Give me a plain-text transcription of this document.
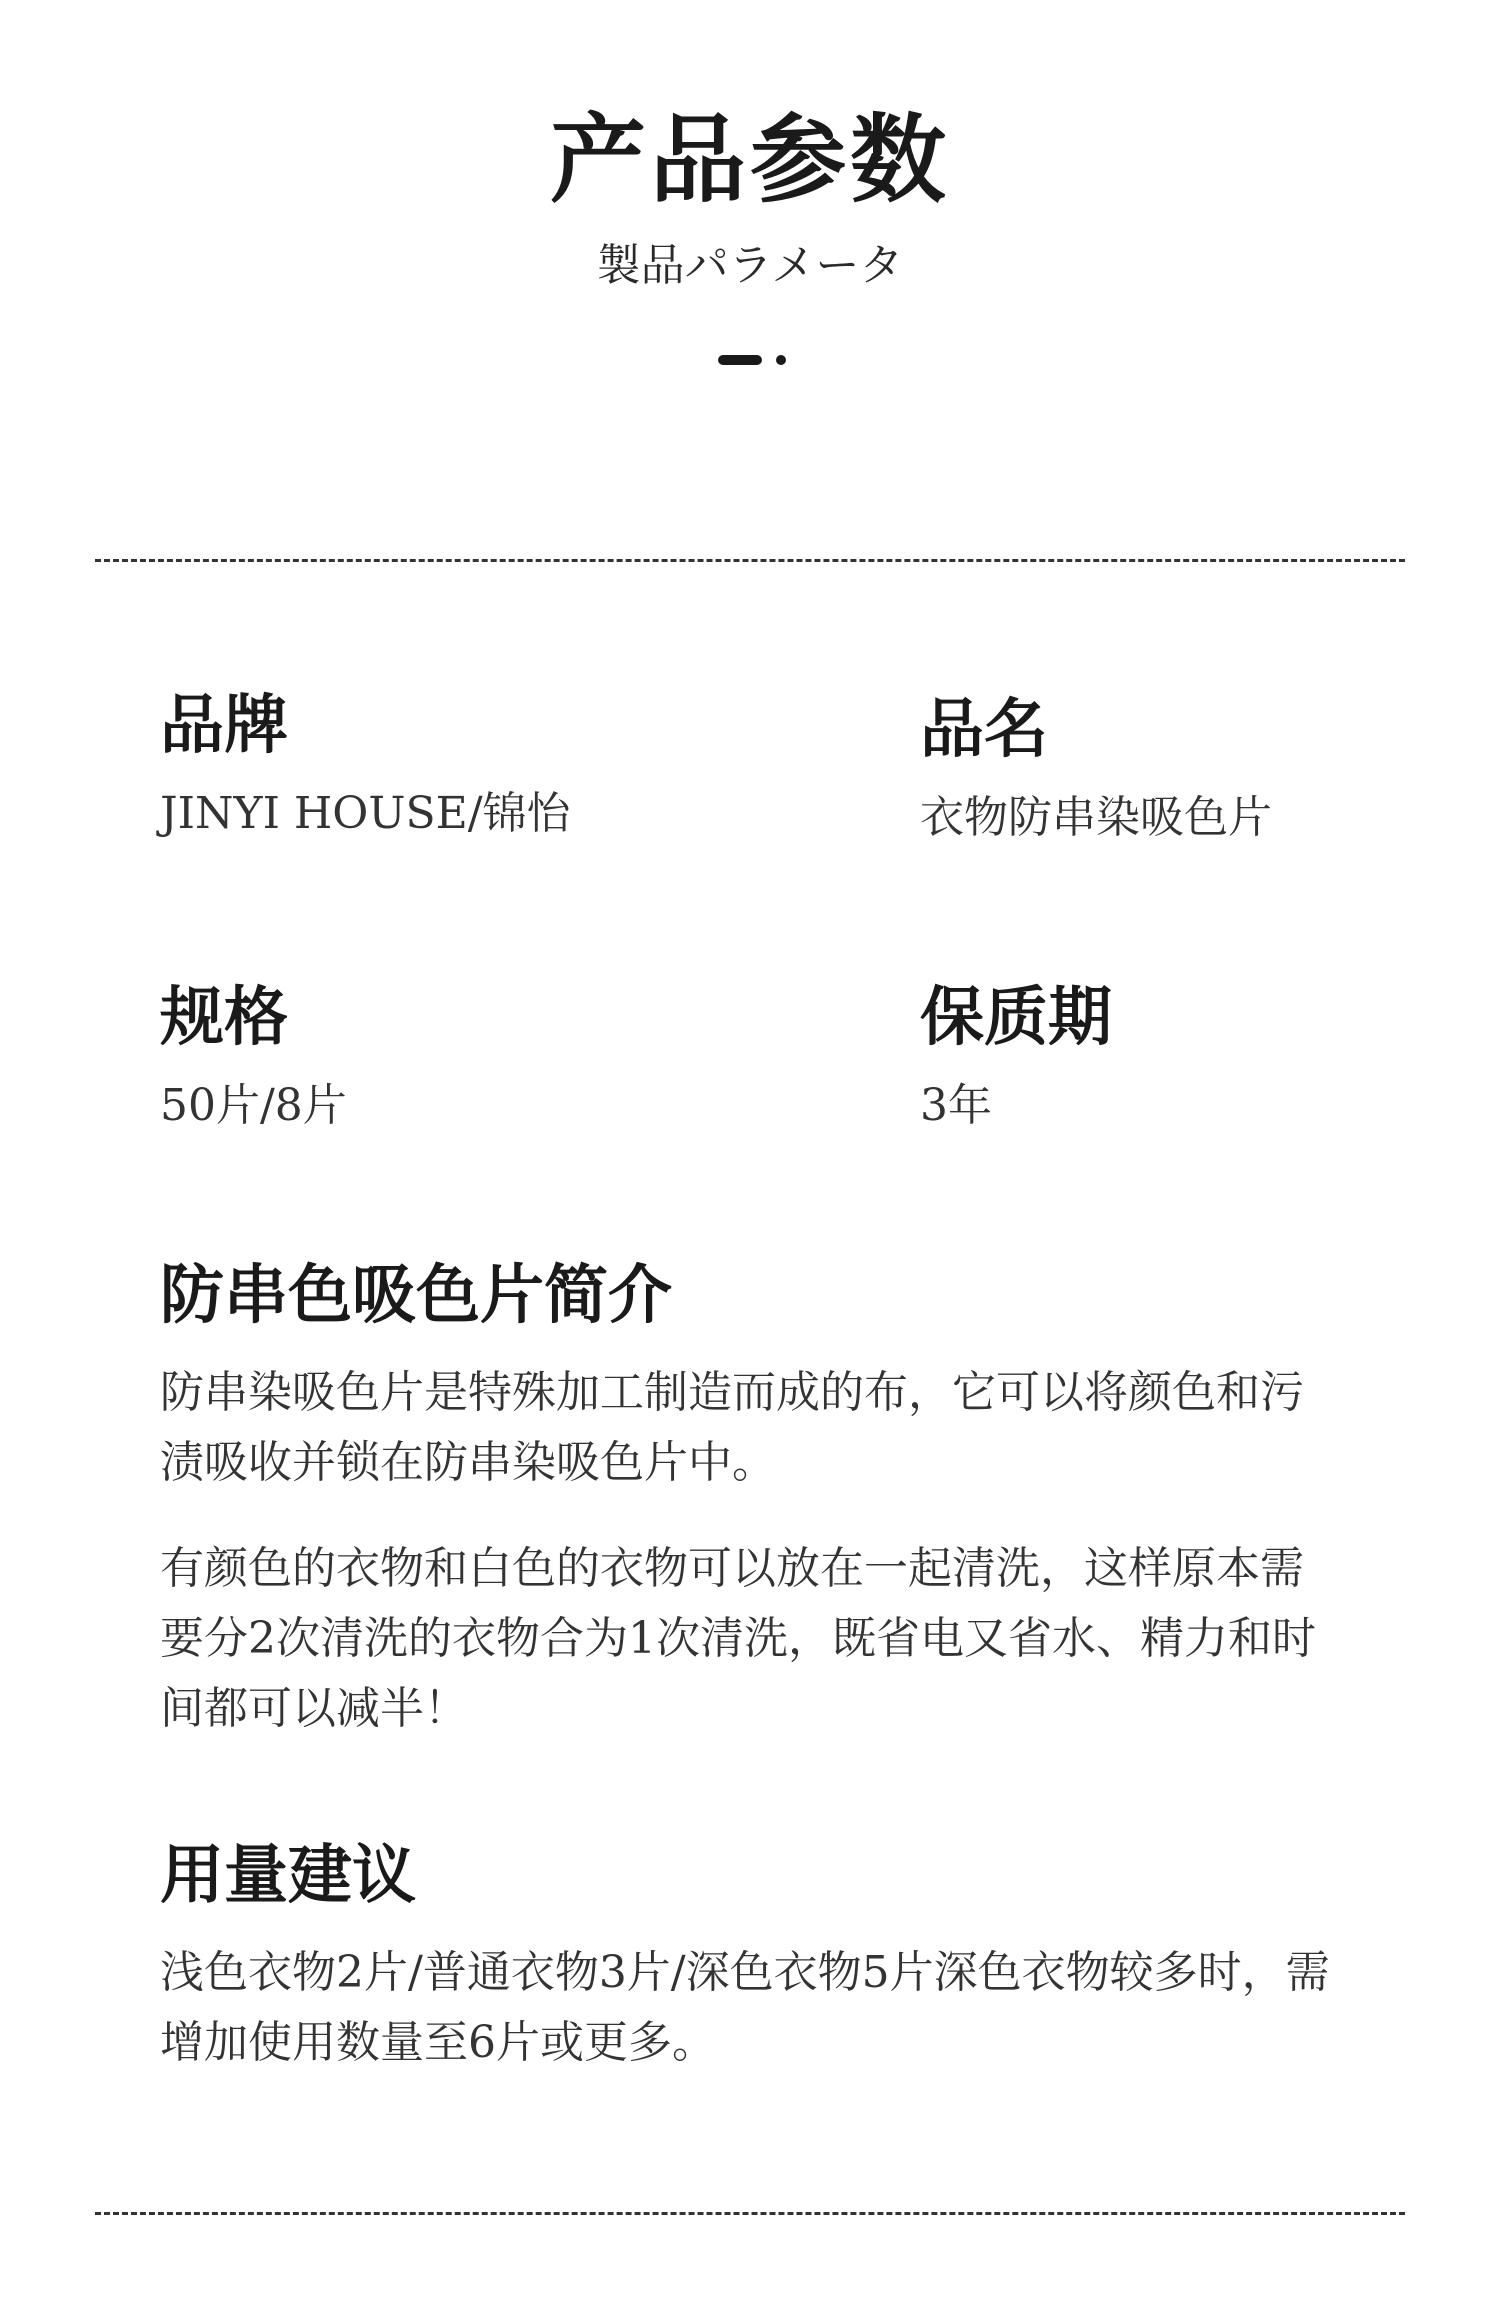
产品参数
製品パラメータ
品牌
JINYI HOUSE/锦怡
品名
衣物防串染吸色片
规格
50片/8片
保质期
3年
防串色吸色片简介

防串染吸色片是特殊加工制造而成的布，它可以将颜色和污渍吸收并锁在防串染吸色片中。

有颜色的衣物和白色的衣物可以放在一起清洗，这样原本需要分2次清洗的衣物合为1次清洗，既省电又省水、精力和时间都可以减半！

用量建议

浅色衣物2片/普通衣物3片/深色衣物5片深色衣物较多时，需增加使用数量至6片或更多。
